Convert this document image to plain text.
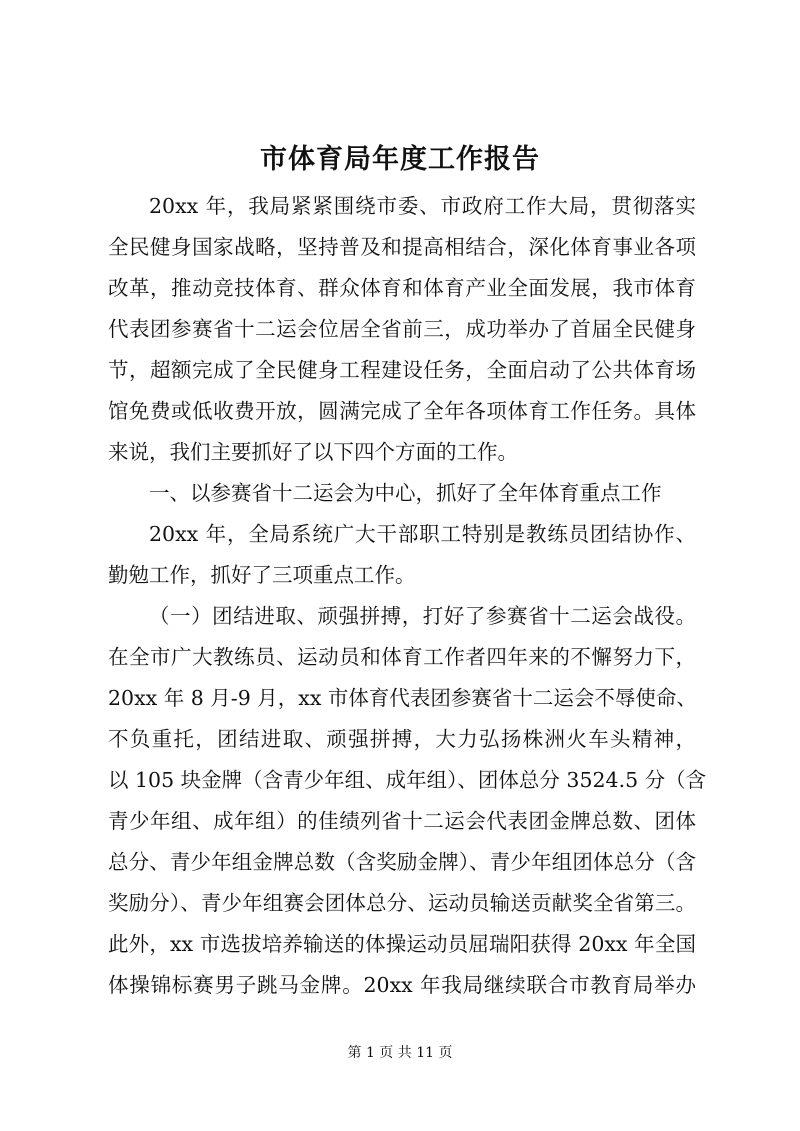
市体育局年度工作报告
20xx 年，我局紧紧围绕市委、市政府工作大局，贯彻落实
全民健身国家战略，坚持普及和提高相结合，深化体育事业各项
改革，推动竞技体育、群众体育和体育产业全面发展，我市体育
代表团参赛省十二运会位居全省前三，成功举办了首届全民健身
节，超额完成了全民健身工程建设任务，全面启动了公共体育场
馆免费或低收费开放，圆满完成了全年各项体育工作任务。具体
来说，我们主要抓好了以下四个方面的工作。
一、以参赛省十二运会为中心，抓好了全年体育重点工作
20xx 年，全局系统广大干部职工特别是教练员团结协作、
勤勉工作，抓好了三项重点工作。
（一）团结进取、顽强拼搏，打好了参赛省十二运会战役。
在全市广大教练员、运动员和体育工作者四年来的不懈努力下，
20xx 年 8 月-9 月，xx 市体育代表团参赛省十二运会不辱使命、
不负重托，团结进取、顽强拼搏，大力弘扬株洲火车头精神，
以 105 块金牌（含青少年组、成年组）、团体总分 3524.5 分（含
青少年组、成年组）的佳绩列省十二运会代表团金牌总数、团体
总分、青少年组金牌总数（含奖励金牌）、青少年组团体总分（含
奖励分）、青少年组赛会团体总分、运动员输送贡献奖全省第三。
此外，xx 市选拔培养输送的体操运动员屈瑞阳获得 20xx 年全国
体操锦标赛男子跳马金牌。20xx 年我局继续联合市教育局举办
第 1 页 共 11 页
